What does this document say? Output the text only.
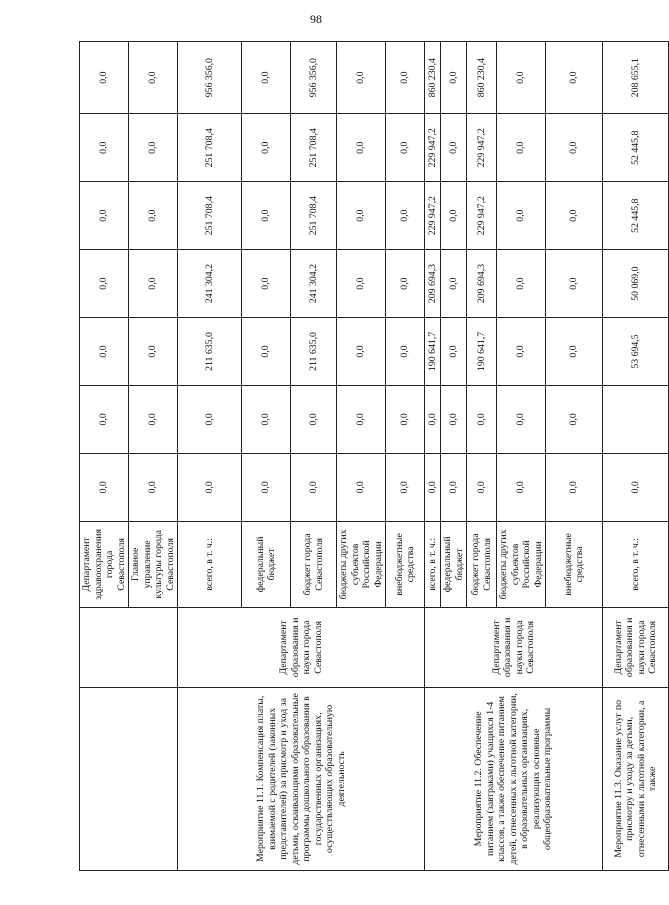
98
		Департамент здравоохранения города Севастополя	0,0	0,0	0,0	0,0	0,0	0,0	0,0
		Главное управление культуры города Севастополя	0,0	0,0	0,0	0,0	0,0	0,0	0,0
Мероприятие 11.1. Компенсация платы, взимаемой с родителей (законных представителей) за присмотр и уход за детьми, осваивающими образовательные программы дошкольного образования в государственных организациях, осуществляющих образовательную деятельность	Департамент образования и науки города Севастополя	всего, в т. ч.:	0,0	0,0	211 635,0	241 304,2	251 708,4	251 708,4	956 356,0
		федеральный бюджет	0,0	0,0	0,0	0,0	0,0	0,0	0,0
		бюджет города Севастополя	0,0	0,0	211 635,0	241 304,2	251 708,4	251 708,4	956 356,0
		бюджеты других субъектов Российской Федерации	0,0	0,0	0,0	0,0	0,0	0,0	0,0
		внебюджетные средства	0,0	0,0	0,0	0,0	0,0	0,0	0,0
Мероприятие 11.2. Обеспечение питанием (завтраками) учащихся 1-4 классов, а также обеспечение питанием детей, отнесенных к льготной категории, в образовательных организациях, реализующих основные общеобразовательные программы	Департамент образования и науки города Севастополя	всего, в т. ч.:	0,0	0,0	190 641,7	209 694,3	229 947,2	229 947,2	860 230,4
		федеральный бюджет	0,0	0,0	0,0	0,0	0,0	0,0	0,0
		бюджет города Севастополя	0,0	0,0	190 641,7	209 694,3	229 947,2	229 947,2	860 230,4
		бюджеты других субъектов Российской Федерации	0,0	0,0	0,0	0,0	0,0	0,0	0,0
		внебюджетные средства	0,0	0,0	0,0	0,0	0,0	0,0	0,0
Мероприятие 11.3. Оказание услуг по присмотру и уходу за детьми, отнесенными к льготной категории, а также	Департамент образования и науки города Севастополя	всего, в т. ч.:	0,0		53 694,5	50 069,0	52 445,8	52 445,8	208 655,1
